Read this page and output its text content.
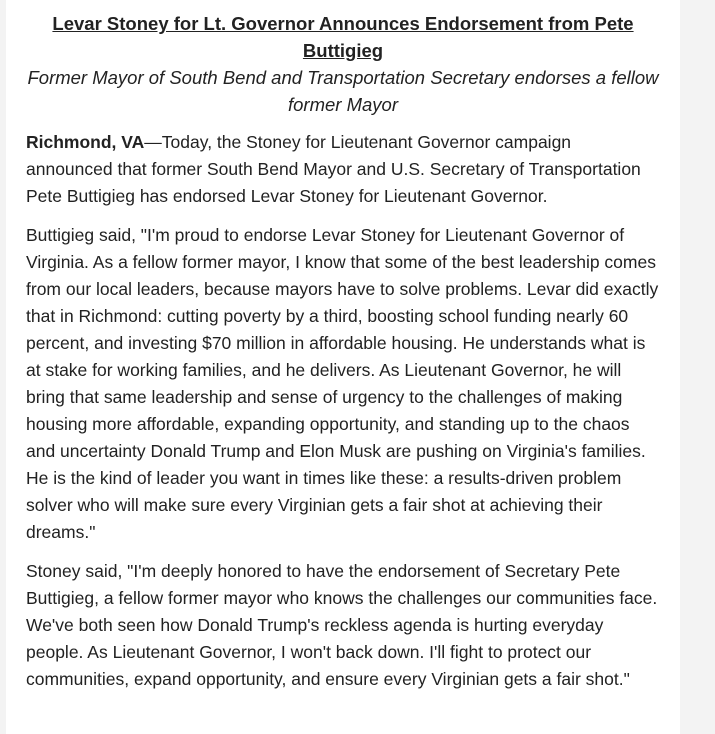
Levar Stoney for Lt. Governor Announces Endorsement from Pete Buttigieg

Former Mayor of South Bend and Transportation Secretary endorses a fellow former Mayor

Richmond, VA—Today, the Stoney for Lieutenant Governor campaign announced that former South Bend Mayor and U.S. Secretary of Transportation Pete Buttigieg has endorsed Levar Stoney for Lieutenant Governor.

Buttigieg said, "I'm proud to endorse Levar Stoney for Lieutenant Governor of Virginia. As a fellow former mayor, I know that some of the best leadership comes from our local leaders, because mayors have to solve problems. Levar did exactly that in Richmond: cutting poverty by a third, boosting school funding nearly 60 percent, and investing $70 million in affordable housing. He understands what is at stake for working families, and he delivers. As Lieutenant Governor, he will bring that same leadership and sense of urgency to the challenges of making housing more affordable, expanding opportunity, and standing up to the chaos and uncertainty Donald Trump and Elon Musk are pushing on Virginia's families. He is the kind of leader you want in times like these: a results-driven problem solver who will make sure every Virginian gets a fair shot at achieving their dreams."

Stoney said, "I'm deeply honored to have the endorsement of Secretary Pete Buttigieg, a fellow former mayor who knows the challenges our communities face. We've both seen how Donald Trump's reckless agenda is hurting everyday people. As Lieutenant Governor, I won't back down. I'll fight to protect our communities, expand opportunity, and ensure every Virginian gets a fair shot."
